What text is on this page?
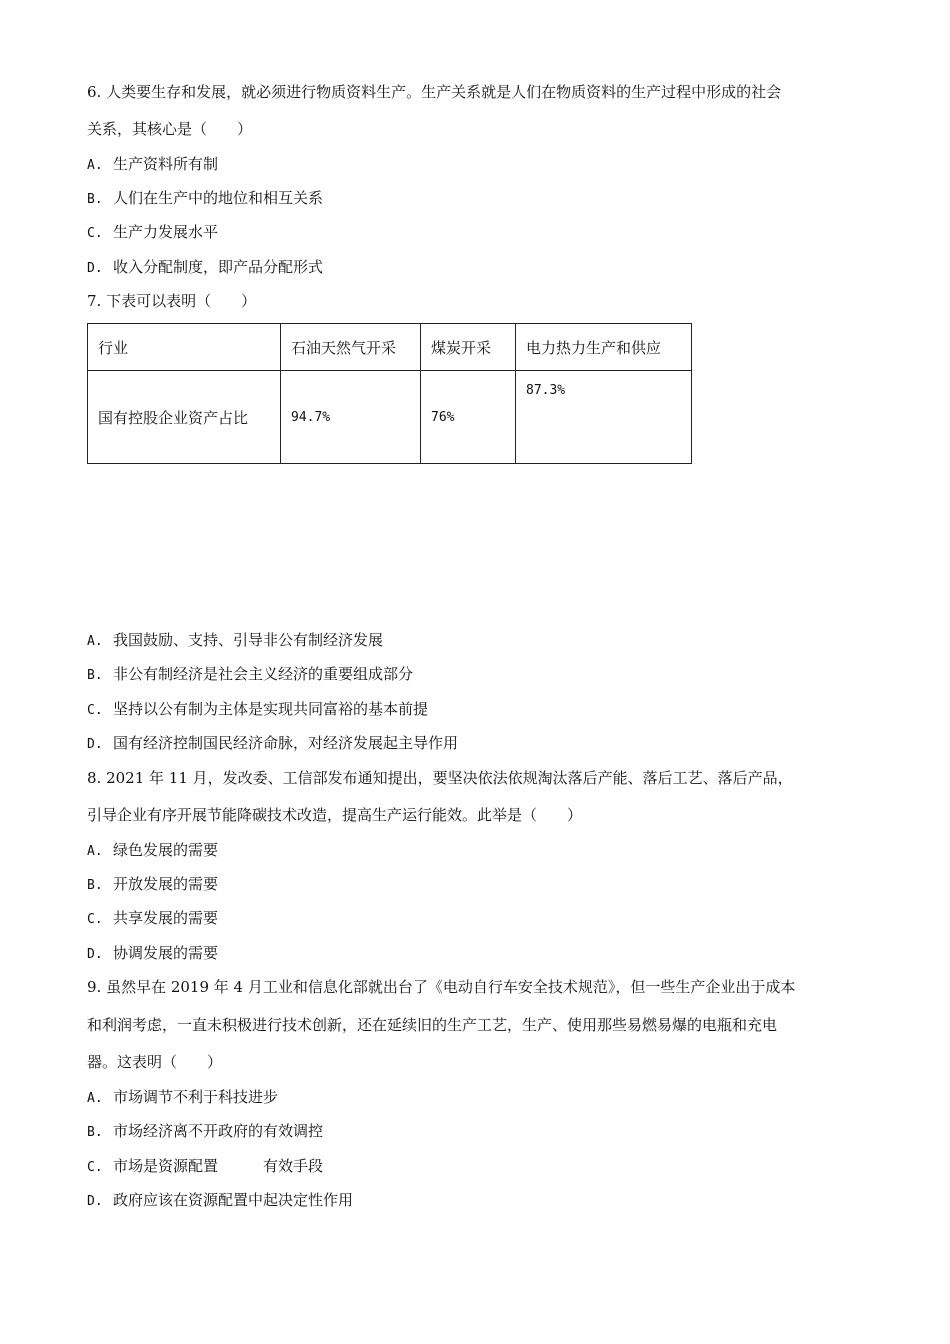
6. 人类要生存和发展，就必须进行物质资料生产。生产关系就是人们在物质资料的生产过程中形成的社会
关系，其核心是（　　）
A. 生产资料所有制
B. 人们在生产中的地位和相互关系
C. 生产力发展水平
D. 收入分配制度，即产品分配形式
7. 下表可以表明（　　）
行业	石油天然气开采	煤炭开采	电力热力生产和供应
国有控股企业资产占比	94.7%	76%	87.3%
A. 我国鼓励、支持、引导非公有制经济发展
B. 非公有制经济是社会主义经济的重要组成部分
C. 坚持以公有制为主体是实现共同富裕的基本前提
D. 国有经济控制国民经济命脉，对经济发展起主导作用
8. 2021 年 11 月，发改委、工信部发布通知提出，要坚决依法依规淘汰落后产能、落后工艺、落后产品，
引导企业有序开展节能降碳技术改造，提高生产运行能效。此举是（　　）
A. 绿色发展的需要
B. 开放发展的需要
C. 共享发展的需要
D. 协调发展的需要
9. 虽然早在 2019 年 4 月工业和信息化部就出台了《电动自行车安全技术规范》，但一些生产企业出于成本
和利润考虑，一直未积极进行技术创新，还在延续旧的生产工艺，生产、使用那些易燃易爆的电瓶和充电
器。这表明（　　）
A. 市场调节不利于科技进步
B. 市场经济离不开政府的有效调控
C. 市场是资源配置　　　有效手段
D. 政府应该在资源配置中起决定性作用
